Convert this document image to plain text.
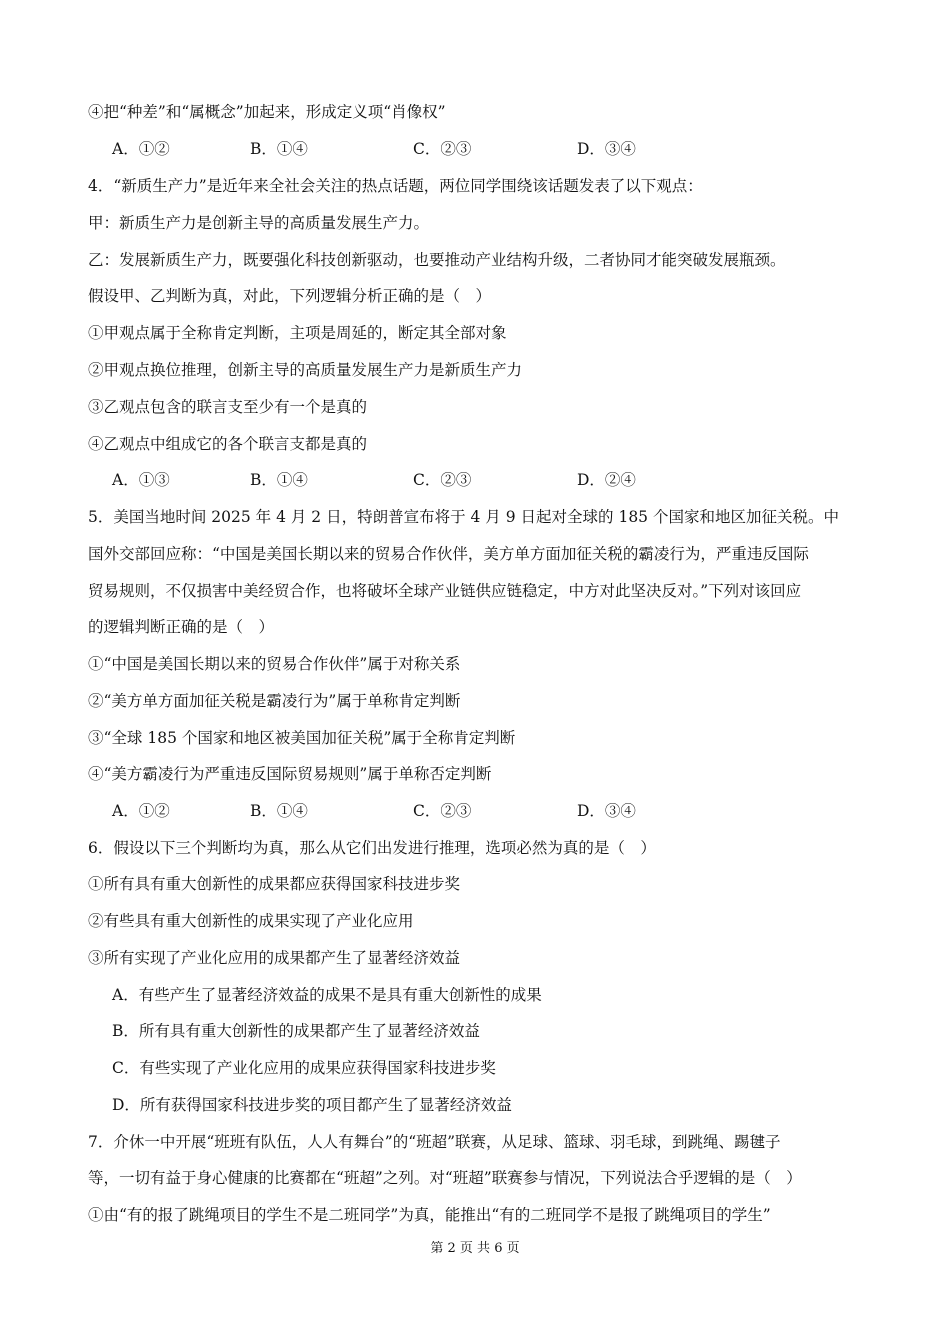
④把“种差”和“属概念”加起来，形成定义项“肖像权”
A．①②	B．①④	C．②③	D．③④
4．“新质生产力”是近年来全社会关注的热点话题，两位同学围绕该话题发表了以下观点：
甲：新质生产力是创新主导的高质量发展生产力。
乙：发展新质生产力，既要强化科技创新驱动，也要推动产业结构升级，二者协同才能突破发展瓶颈。
假设甲、乙判断为真，对此，下列逻辑分析正确的是（　）
①甲观点属于全称肯定判断，主项是周延的，断定其全部对象
②甲观点换位推理，创新主导的高质量发展生产力是新质生产力
③乙观点包含的联言支至少有一个是真的
④乙观点中组成它的各个联言支都是真的
A．①③	B．①④	C．②③	D．②④
5．美国当地时间 2025 年 4 月 2 日，特朗普宣布将于 4 月 9 日起对全球的 185 个国家和地区加征关税。中
国外交部回应称：“中国是美国长期以来的贸易合作伙伴，美方单方面加征关税的霸凌行为，严重违反国际
贸易规则，不仅损害中美经贸合作，也将破坏全球产业链供应链稳定，中方对此坚决反对。”下列对该回应
的逻辑判断正确的是（　）
①“中国是美国长期以来的贸易合作伙伴”属于对称关系
②“美方单方面加征关税是霸凌行为”属于单称肯定判断
③“全球 185 个国家和地区被美国加征关税”属于全称肯定判断
④“美方霸凌行为严重违反国际贸易规则”属于单称否定判断
A．①②	B．①④	C．②③	D．③④
6．假设以下三个判断均为真，那么从它们出发进行推理，选项必然为真的是（　）
①所有具有重大创新性的成果都应获得国家科技进步奖
②有些具有重大创新性的成果实现了产业化应用
③所有实现了产业化应用的成果都产生了显著经济效益
A．有些产生了显著经济效益的成果不是具有重大创新性的成果
B．所有具有重大创新性的成果都产生了显著经济效益
C．有些实现了产业化应用的成果应获得国家科技进步奖
D．所有获得国家科技进步奖的项目都产生了显著经济效益
7．介休一中开展“班班有队伍，人人有舞台”的“班超”联赛，从足球、篮球、羽毛球，到跳绳、踢毽子
等，一切有益于身心健康的比赛都在“班超”之列。对“班超”联赛参与情况，下列说法合乎逻辑的是（　）
①由“有的报了跳绳项目的学生不是二班同学”为真，能推出“有的二班同学不是报了跳绳项目的学生”
第 2 页 共 6 页
